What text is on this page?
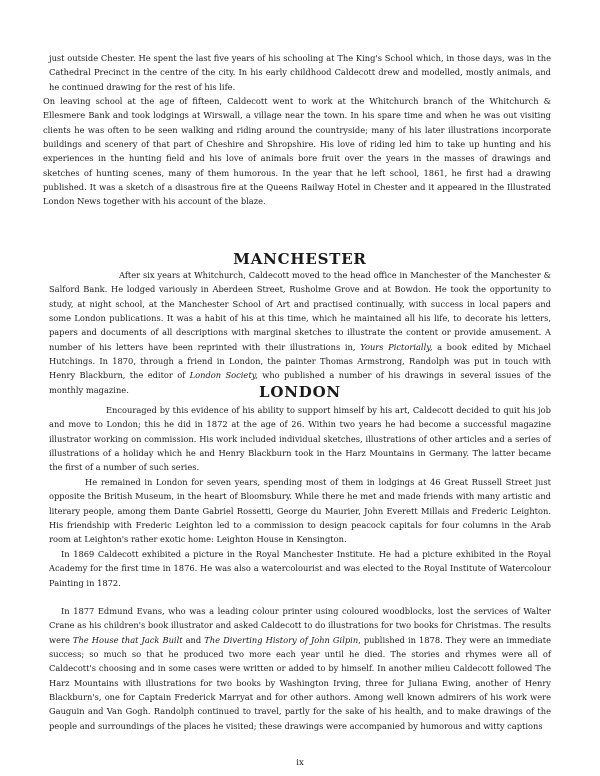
just outside Chester. He spent the last five years of his schooling at The King's School which, in those days, was in the Cathedral Precinct in the centre of the city. In his early childhood Caldecott drew and modelled, mostly animals, and he continued drawing for the rest of his life.

On leaving school at the age of fifteen, Caldecott went to work at the Whitchurch branch of the Whitchurch & Ellesmere Bank and took lodgings at Wirswall, a village near the town. In his spare time and when he was out visiting clients he was often to be seen walking and riding around the countryside; many of his later illustrations incorporate buildings and scenery of that part of Cheshire and Shropshire. His love of riding led him to take up hunting and his experiences in the hunting field and his love of animals bore fruit over the years in the masses of drawings and sketches of hunting scenes, many of them humorous. In the year that he left school, 1861, he first had a drawing published. It was a sketch of a disastrous fire at the Queens Railway Hotel in Chester and it appeared in the Illustrated London News together with his account of the blaze.

MANCHESTER

After six years at Whitchurch, Caldecott moved to the head office in Manchester of the Manchester & Salford Bank. He lodged variously in Aberdeen Street, Rusholme Grove and at Bowdon. He took the opportunity to study, at night school, at the Manchester School of Art and practised continually, with success in local papers and some London publications. It was a habit of his at this time, which he maintained all his life, to decorate his letters, papers and documents of all descriptions with marginal sketches to illustrate the content or provide amusement. A number of his letters have been reprinted with their illustrations in, Yours Pictorially, a book edited by Michael Hutchings. In 1870, through a friend in London, the painter Thomas Armstrong, Randolph was put in touch with Henry Blackburn, the editor of London Society, who published a number of his drawings in several issues of the monthly magazine.	LONDON

Encouraged by this evidence of his ability to support himself by his art, Caldecott decided to quit his job and move to London; this he did in 1872 at the age of 26. Within two years he had become a successful magazine illustrator working on commission. His work included individual sketches, illustrations of other articles and a series of illustrations of a holiday which he and Henry Blackburn took in the Harz Mountains in Germany. The latter became the first of a number of such series.

He remained in London for seven years, spending most of them in lodgings at 46 Great Russell Street just opposite the British Museum, in the heart of Bloomsbury. While there he met and made friends with many artistic and literary people, among them Dante Gabriel Rossetti, George du Maurier, John Everett Millais and Frederic Leighton. His friendship with Frederic Leighton led to a commission to design peacock capitals for four columns in the Arab room at Leighton's rather exotic home: Leighton House in Kensington.

In 1869 Caldecott exhibited a picture in the Royal Manchester Institute. He had a picture exhibited in the Royal Academy for the first time in 1876. He was also a watercolourist and was elected to the Royal Institute of Watercolour Painting in 1872.

In 1877 Edmund Evans, who was a leading colour printer using coloured woodblocks, lost the services of Walter Crane as his children's book illustrator and asked Caldecott to do illustrations for two books for Christmas. The results were The House that Jack Built and The Diverting History of John Gilpin, published in 1878. They were an immediate success; so much so that he produced two more each year until he died. The stories and rhymes were all of Caldecott's choosing and in some cases were written or added to by himself. In another milieu Caldecott followed The Harz Mountains with illustrations for two books by Washington Irving, three for Juliana Ewing, another of Henry Blackburn's, one for Captain Frederick Marryat and for other authors. Among well known admirers of his work were Gauguin and Van Gogh. Randolph continued to travel, partly for the sake of his health, and to make drawings of the people and surroundings of the places he visited; these drawings were accompanied by humorous and witty captions

ix
